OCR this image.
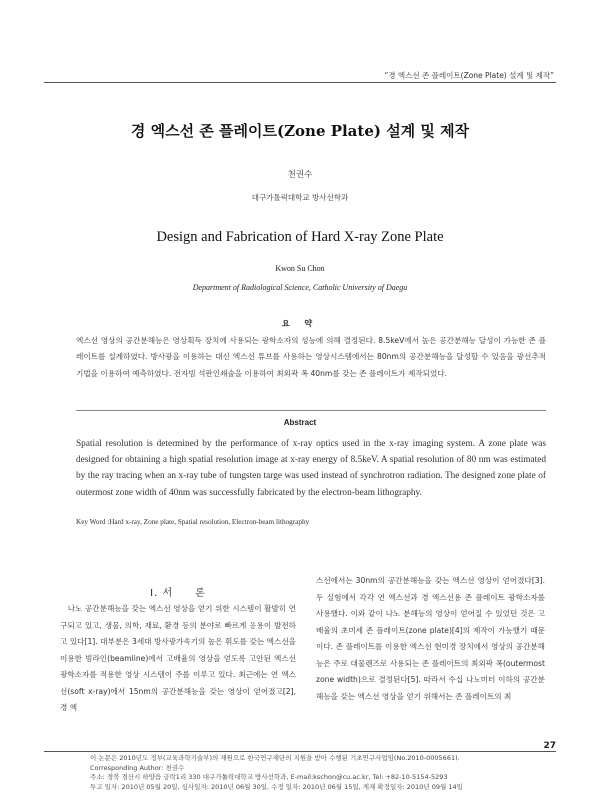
“경 엑스선 존 플레이트(Zone Plate) 설계 및 제작”
경 엑스선 존 플레이트(Zone Plate) 설계 및 제작
천권수
대구가톨릭대학교 방사선학과
Design and Fabrication of Hard X-ray Zone Plate
Kwon Su Chon
Department of Radiological Science, Catholic University of Daegu
요 약
엑스선 영상의 공간분해능은 영상획득 장치에 사용되는 광학소자의 성능에 의해 결정된다. 8.5keV에서 높은 공간분해능 달성이 가능한 존 플레이트를 설계하였다. 방사광을 이용하는 대신 엑스선 튜브를 사용하는 영상시스템에서는 80nm의 공간분해능을 달성할 수 있음을 광선추적 기법을 이용하여 예측하였다. 전자빔 석판인쇄술을 이용하여 최외곽 폭 40nm를 갖는 존 플레이트가 제작되었다.
Abstract
Spatial resolution is determined by the performance of x-ray optics used in the x-ray imaging system. A zone plate was designed for obtaining a high spatial resolution image at x-ray energy of 8.5keV. A spatial resolution of 80 nm was estimated by the ray tracing when an x-ray tube of tungsten targe was used instead of synchrotron radiation. The designed zone plate of outermost zone width of 40nm was successfully fabricated by the electron-beam lithography.
Key Word :Hard x-ray, Zone plate, Spatial resolution, Electron-beam lithography
I. 서　　론

　나노 공간분해능을 갖는 엑스선 영상을 얻기 위한 시스템이 활발히 연구되고 있고, 생물, 의학, 재료, 환경 등의 분야로 빠르게 응용이 발전하고 있다[1]. 대부분은 3세대 방사광가속기의 높은 휘도를 갖는 엑스선을 이용한 빔라인(beamline)에서 고배율의 영상을 얻도록 고안된 엑스선 광학소자를 적용한 영상 시스템이 주를 이루고 있다. 최근에는 연 엑스선(soft x-ray)에서 15nm의 공간분해능을 갖는 영상이 얻어졌고[2], 경 엑

스선에서는 30nm의 공간분해능을 갖는 엑스선 영상이 얻어졌다[3]. 두 실험에서 각각 연 엑스선과 경 엑스선용 존 플레이트 광학소자를 사용했다. 이와 같이 나노 분해능의 영상이 얻어질 수 있었던 것은 고 배율의 초미세 존 플레이트(zone plate)[4]의 제작이 가능했기 때문이다. 존 플레이트를 이용한 엑스선 현미경 장치에서 영상의 공간분해능은 주로 대물렌즈로 사용되는 존 플레이트의 최외곽 폭(outermost zone width)으로 결정된다[5]. 따라서 수십 나노미터 이하의 공간분해능을 갖는 엑스선 영상을 얻기 위해서는 존 플레이트의 최

27
이 논문은 2010년도 정부(교육과학기술부)의 재원으로 한국연구재단의 지원을 받아 수행된 기초연구사업임(No.2010-0005661).
Corresponding Author: 천권수
주소: 경북 경산시 하양읍 금락1리 330 대구가톨릭대학교 방사선학과, E-mail:kschon@cu.ac.kr, Tel: +82-10-5154-5293
투고 일자: 2010년 05월 20일, 심사일자: 2010년 06월 30일, 수정 일자: 2010년 06월 15일, 게재 확정일자: 2010년 09월 14일
